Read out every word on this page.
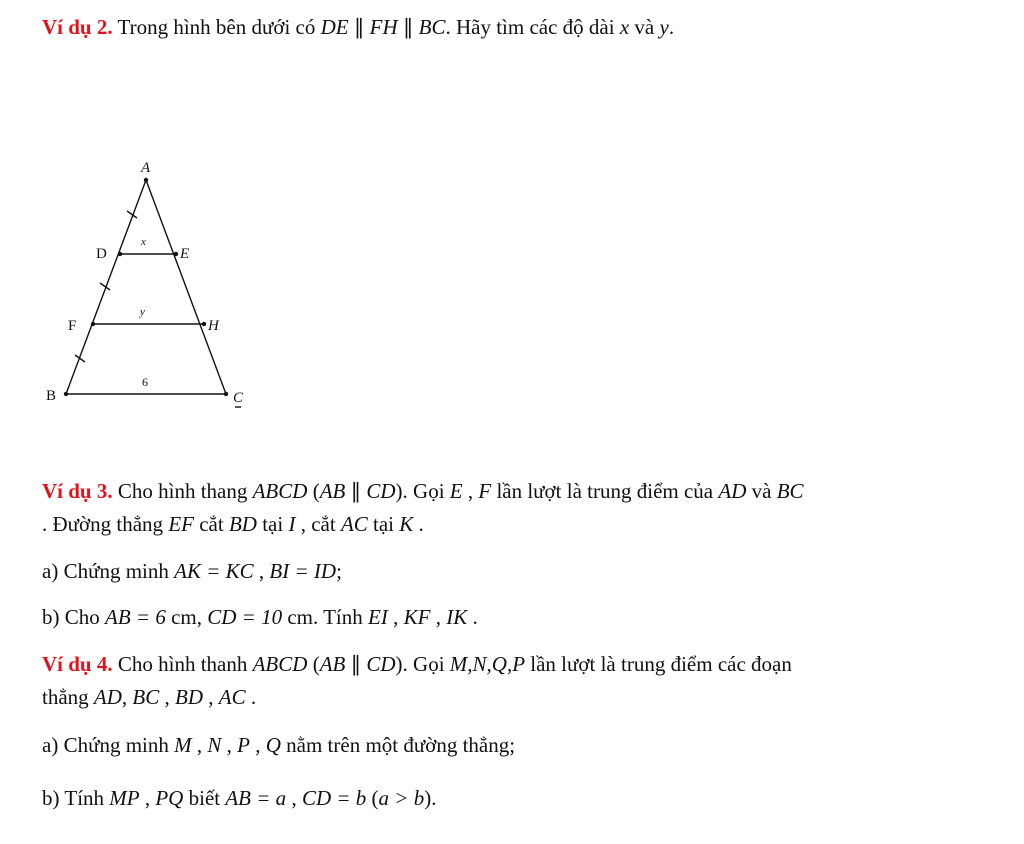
Ví dụ 2. Trong hình bên dưới có DE ∥ FH ∥ BC. Hãy tìm các độ dài x và y.
A
D	E
F	H
B	C
x
y
6
Ví dụ 3. Cho hình thang ABCD (AB ∥ CD). Gọi E , F lần lượt là trung điểm của AD và BC
. Đường thẳng EF cắt BD tại I , cắt AC tại K .
a) Chứng minh AK = KC , BI = ID;
b) Cho AB = 6 cm, CD = 10 cm. Tính EI , KF , IK .
Ví dụ 4. Cho hình thanh ABCD (AB ∥ CD). Gọi M,N,Q,P lần lượt là trung điểm các đoạn
thẳng AD, BC , BD , AC .
a) Chứng minh M , N , P , Q nằm trên một đường thẳng;
b) Tính MP , PQ biết AB = a , CD = b (a > b).
